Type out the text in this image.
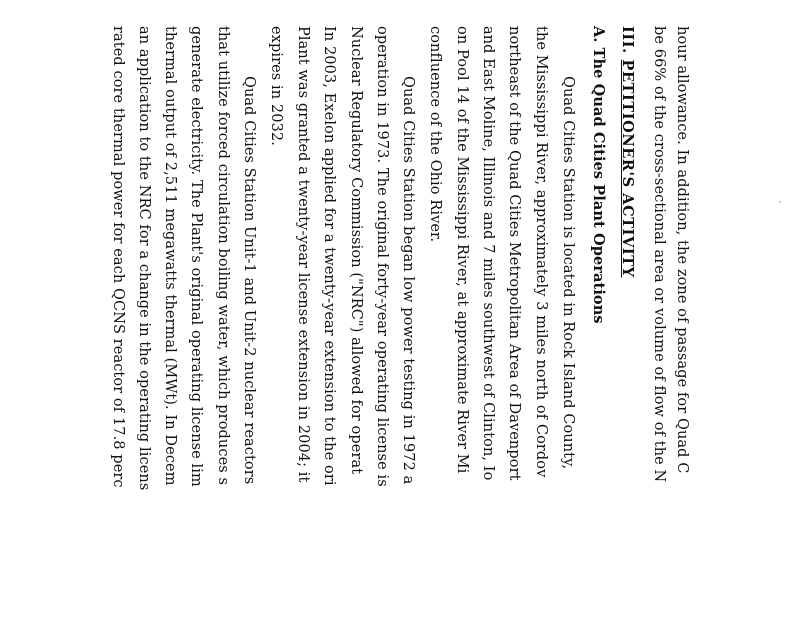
hour allowance. In addition, the zone of passage for Quad C
be 66% of the cross-sectional area or volume of flow of the N
III. PETITIONER'S ACTIVITY
A. The Quad Cities Plant Operations
Quad Cities Station is located in Rock Island County,
the Mississippi River, approximately 3 miles north of Cordov
northeast of the Quad Cities Metropolitan Area of Davenport
and East Moline, Illinois and 7 miles southwest of Clinton, Io
on Pool 14 of the Mississippi River, at approximate River Mi
confluence of the Ohio River.
Quad Cities Station began low power testing in 1972 a
operation in 1973. The original forty-year operating license is
Nuclear Regulatory Commission ("NRC") allowed for operat
In 2003, Exelon applied for a twenty-year extension to the ori
Plant was granted a twenty-year license extension in 2004; it
expires in 2032.
Quad Cities Station Unit-1 and Unit-2 nuclear reactors
that utilize forced circulation boiling water, which produces s
generate electricity. The Plant's original operating license lim
thermal output of 2,511 megawatts thermal (MWt). In Decem
an application to the NRC for a change in the operating licens
rated core thermal power for each QCNS reactor of 17.8 perc
